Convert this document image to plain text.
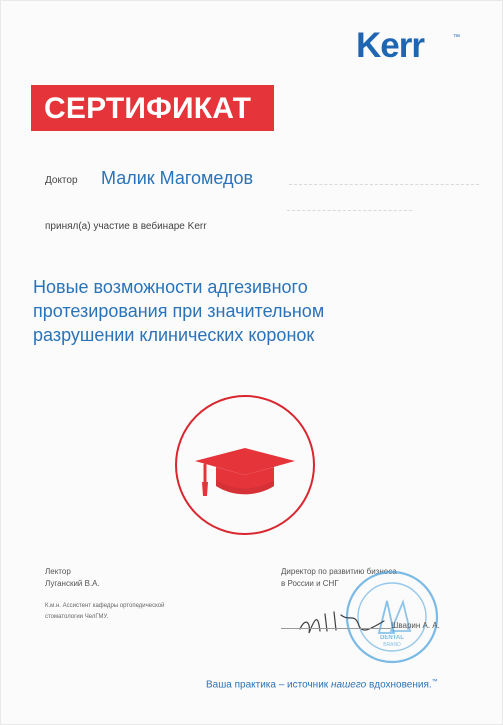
Kerr	™
СЕРТИФИКАТ
Доктор Малик Магомедов
принял(а) участие в вебинаре Kerr
Новые возможности адгезивного
протезирования при значительном
разрушении клинических коронок
Лектор
Луганский В.А.
К.м.н. Ассистент кафедры ортопедической
стоматологии ЧелГМУ.
Директор по развитию бизнеса
в России и СНГ
DENTAL
BRAND
Шварин А. А.
Ваша практика – источник нашего вдохновения.™
